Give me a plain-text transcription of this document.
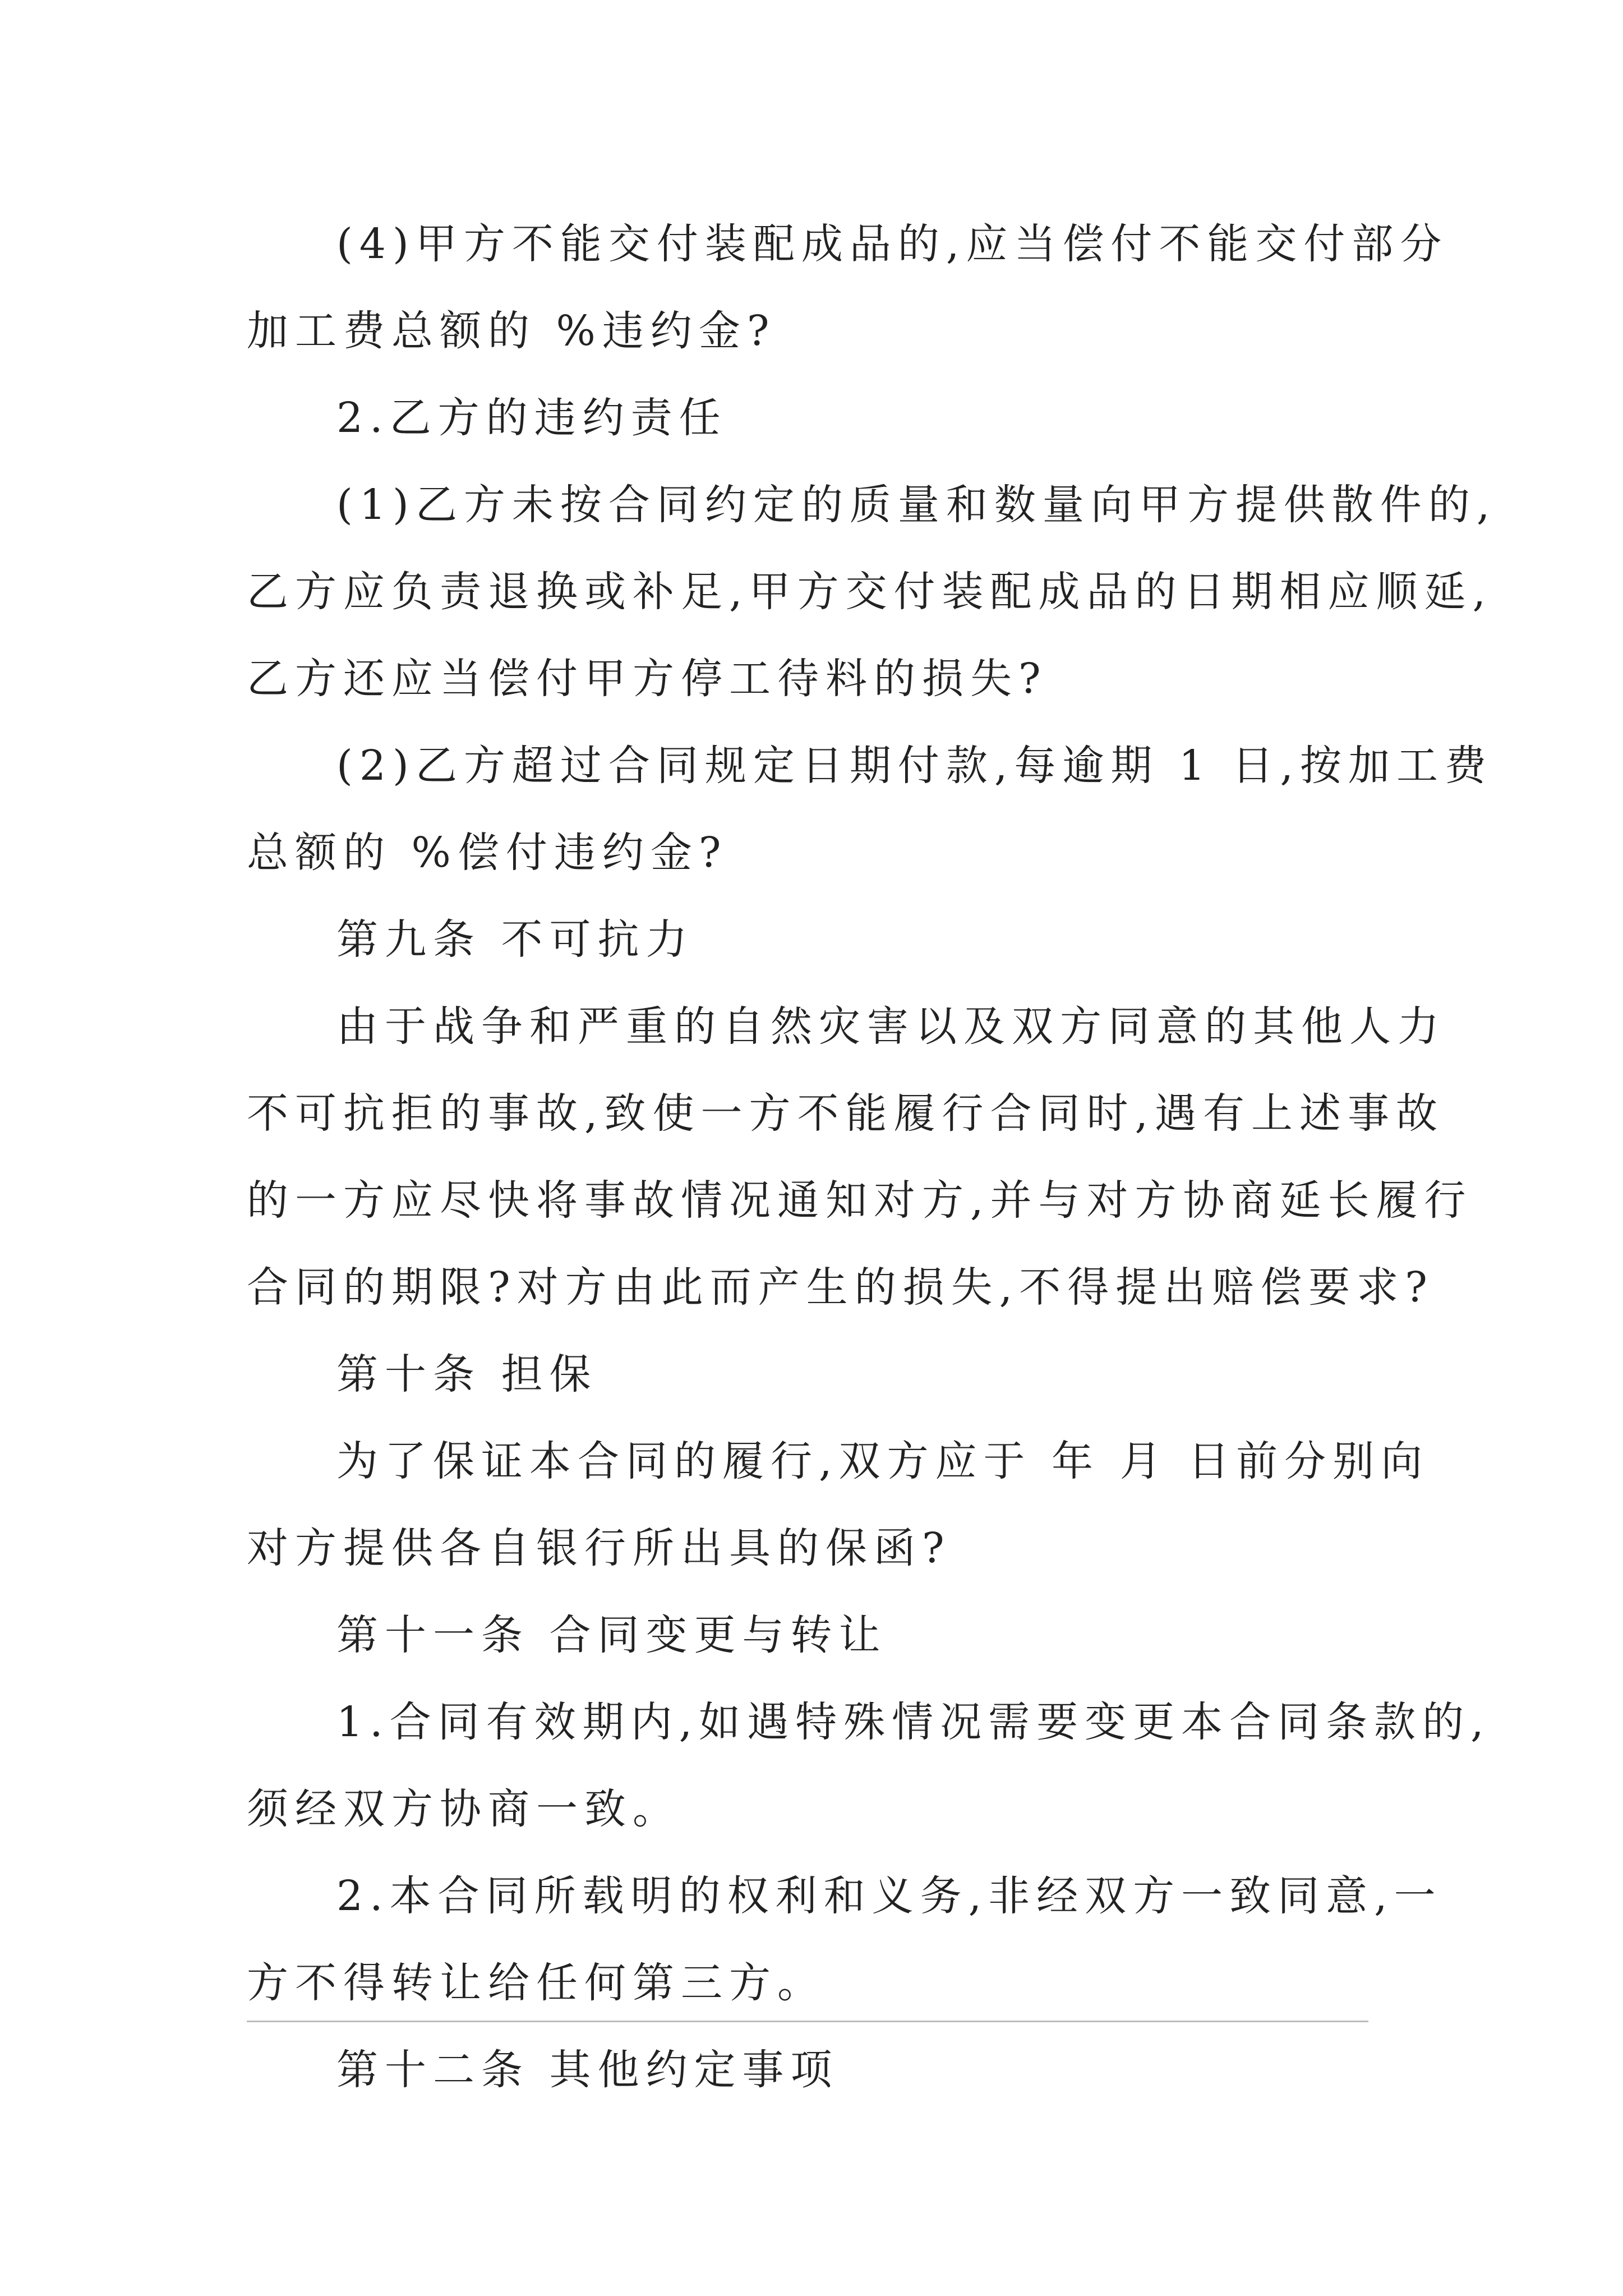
(4)甲方不能交付装配成品的,应当偿付不能交付部分
加工费总额的 %违约金?
2.乙方的违约责任
(1)乙方未按合同约定的质量和数量向甲方提供散件的,
乙方应负责退换或补足,甲方交付装配成品的日期相应顺延,
乙方还应当偿付甲方停工待料的损失?
(2)乙方超过合同规定日期付款,每逾期 1 日,按加工费
总额的 %偿付违约金?
第九条 不可抗力
由于战争和严重的自然灾害以及双方同意的其他人力
不可抗拒的事故,致使一方不能履行合同时,遇有上述事故
的一方应尽快将事故情况通知对方,并与对方协商延长履行
合同的期限?对方由此而产生的损失,不得提出赔偿要求?
第十条 担保
为了保证本合同的履行,双方应于 年 月 日前分别向
对方提供各自银行所出具的保函?
第十一条 合同变更与转让
1.合同有效期内,如遇特殊情况需要变更本合同条款的,
须经双方协商一致。
2.本合同所载明的权利和义务,非经双方一致同意,一
方不得转让给任何第三方。
第十二条 其他约定事项
